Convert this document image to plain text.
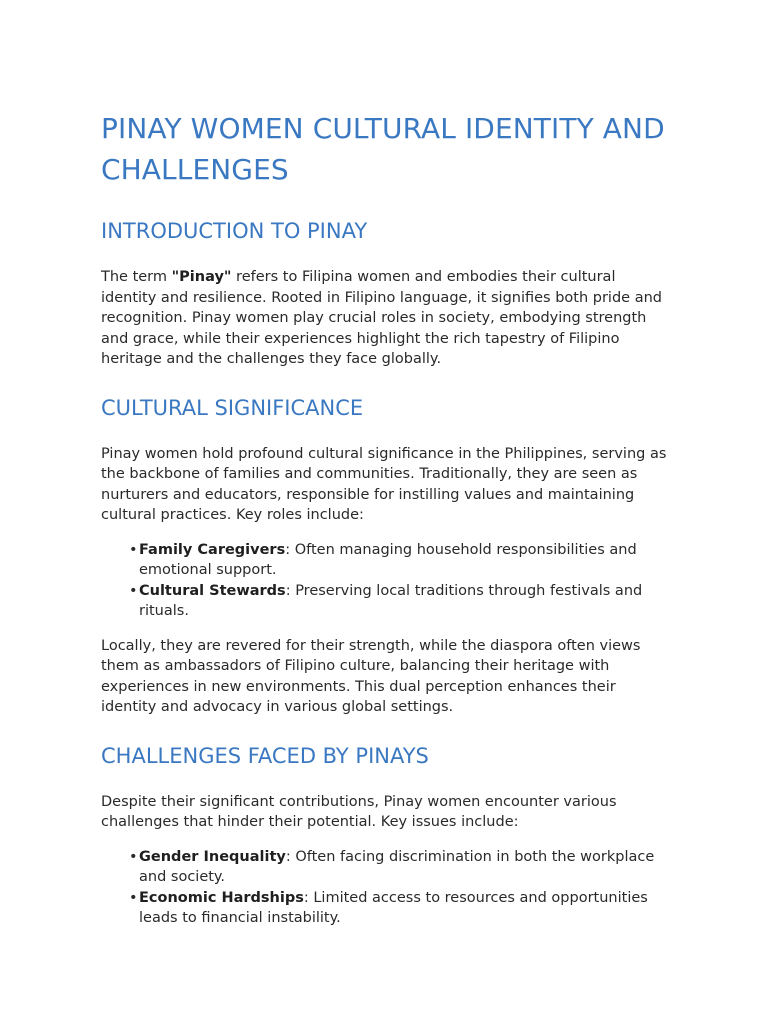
PINAY WOMEN CULTURAL IDENTITY AND CHALLENGES
INTRODUCTION TO PINAY

The term "Pinay" refers to Filipina women and embodies their cultural identity and resilience. Rooted in Filipino language, it signifies both pride and recognition. Pinay women play crucial roles in society, embodying strength and grace, while their experiences highlight the rich tapestry of Filipino heritage and the challenges they face globally.

CULTURAL SIGNIFICANCE

Pinay women hold profound cultural significance in the Philippines, serving as the backbone of families and communities. Traditionally, they are seen as nurturers and educators, responsible for instilling values and maintaining cultural practices. Key roles include:

• Family Caregivers: Often managing household responsibilities and emotional support.
• Cultural Stewards: Preserving local traditions through festivals and rituals.

Locally, they are revered for their strength, while the diaspora often views them as ambassadors of Filipino culture, balancing their heritage with experiences in new environments. This dual perception enhances their identity and advocacy in various global settings.

CHALLENGES FACED BY PINAYS

Despite their significant contributions, Pinay women encounter various challenges that hinder their potential. Key issues include:

• Gender Inequality: Often facing discrimination in both the workplace and society.
• Economic Hardships: Limited access to resources and opportunities leads to financial instability.
